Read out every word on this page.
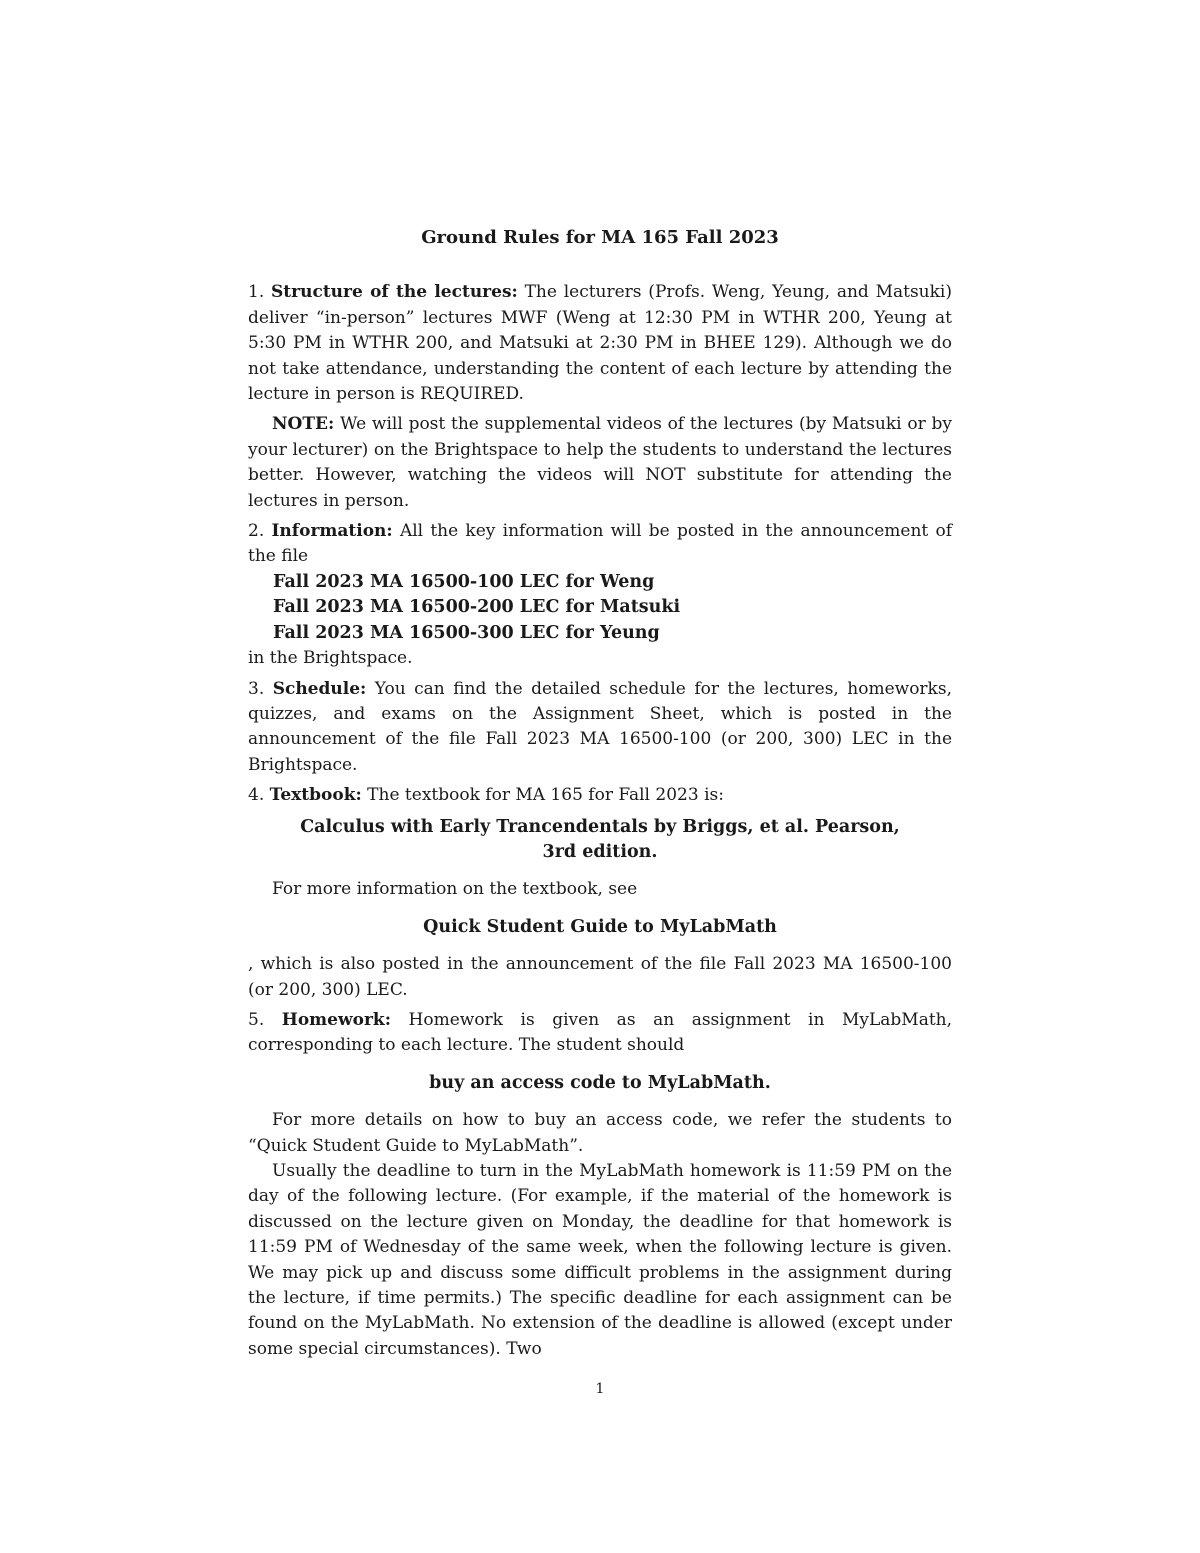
Ground Rules for MA 165 Fall 2023

1. Structure of the lectures: The lecturers (Profs. Weng, Yeung, and Matsuki) deliver “in-person” lectures MWF (Weng at 12:30 PM in WTHR 200, Yeung at 5:30 PM in WTHR 200, and Matsuki at 2:30 PM in BHEE 129). Although we do not take attendance, understanding the content of each lecture by attending the lecture in person is REQUIRED.

NOTE: We will post the supplemental videos of the lectures (by Matsuki or by your lecturer) on the Brightspace to help the students to understand the lectures better. However, watching the videos will NOT substitute for attending the lectures in person.

2. Information: All the key information will be posted in the announcement of the file

Fall 2023 MA 16500-100 LEC for Weng
Fall 2023 MA 16500-200 LEC for Matsuki
Fall 2023 MA 16500-300 LEC for Yeung

in the Brightspace.

3. Schedule: You can find the detailed schedule for the lectures, homeworks, quizzes, and exams on the Assignment Sheet, which is posted in the announcement of the file Fall 2023 MA 16500-100 (or 200, 300) LEC in the Brightspace.

4. Textbook: The textbook for MA 165 for Fall 2023 is:

Calculus with Early Trancendentals by Briggs, et al. Pearson,
3rd edition.

For more information on the textbook, see

Quick Student Guide to MyLabMath

, which is also posted in the announcement of the file Fall 2023 MA 16500-100 (or 200, 300) LEC.

5. Homework: Homework is given as an assignment in MyLabMath, corresponding to each lecture. The student should

buy an access code to MyLabMath.

For more details on how to buy an access code, we refer the students to “Quick Student Guide to MyLabMath”.

Usually the deadline to turn in the MyLabMath homework is 11:59 PM on the day of the following lecture. (For example, if the material of the homework is discussed on the lecture given on Monday, the deadline for that homework is 11:59 PM of Wednesday of the same week, when the following lecture is given. We may pick up and discuss some difficult problems in the assignment during the lecture, if time permits.) The specific deadline for each assignment can be found on the MyLabMath. No extension of the deadline is allowed (except under some special circumstances). Two

1
